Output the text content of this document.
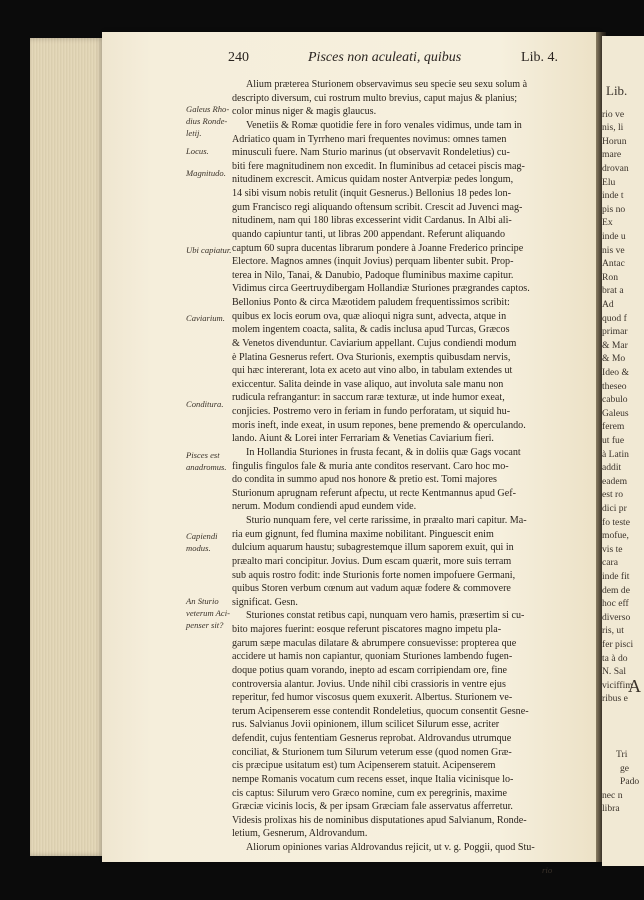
Lib.
rio ve
nis, li
Horun
mare
drovan
Elu
inde t
pis no
Ex
inde u
nis ve
Antac
Ron
brat a
Ad
quod f
primar
& Mar
& Mo
Ideo &
theseo
cabulo
Galeus
ferem
ut fue
à Latin
addit
eadem
est ro
dici pr
fo teste
mofue,
vis te
cara
inde fit
dem de
hoc eff
diverso
ris, ut
fer pisci
ta à do
N. Sal
viciffim
ribus e
A
Tri
ge
Pado
nec n
libra
240	Pisces non aculeati, quibus	Lib. 4.
Galeus Rho-
dius Ronde-
letij.
Locus.
Magnitudo.
Ubi capiatur.
Caviarium.
Conditura.
Pisces est
anadromus.
Capiendi
modus.
An Sturio
veterum Aci-
penser sit?
Alium præterea Sturionem observavimus seu specie seu sexu solum à
descripto diversum, cui rostrum multo brevius, caput majus & planius;
color minus niger & magis glaucus.
Venetiis & Romæ quotidie fere in foro venales vidimus, unde tam in
Adriatico quam in Tyrrheno mari frequentes novimus: omnes tamen
minusculi fuere. Nam Sturio marinus (ut observavit Rondeletius) cu-
biti fere magnitudinem non excedit. In fluminibus ad cetacei piscis mag-
nitudinem excrescit. Amicus quidam noster Antverpiæ pedes longum,
14 sibi visum nobis retulit (inquit Gesnerus.) Bellonius 18 pedes lon-
gum Francisco regi aliquando oftensum scribit. Crescit ad Juvenci mag-
nitudinem, nam qui 180 libras excesserint vidit Cardanus. In Albi ali-
quando capiuntur tanti, ut libras 200 appendant. Referunt aliquando
captum 60 supra ducentas librarum pondere à Joanne Frederico principe
Electore. Magnos amnes (inquit Jovius) perquam libenter subit. Prop-
terea in Nilo, Tanai, & Danubio, Padoque fluminibus maxime capitur.
Vidimus circa Geertruydibergam Hollandiæ Sturiones prægrandes captos.
Bellonius Ponto & circa Mæotidem paludem frequentissimos scribit:
quibus ex locis eorum ova, quæ alioqui nigra sunt, advecta, atque in
molem ingentem coacta, salita, & cadis inclusa apud Turcas, Græcos
& Venetos divenduntur. Caviarium appellant. Cujus condiendi modum
è Platina Gesnerus refert. Ova Sturionis, exemptis quibusdam nervis,
qui hæc intererant, lota ex aceto aut vino albo, in tabulam extendes ut
exiccentur. Salita deinde in vase aliquo, aut involuta sale manu non
rudicula refrangantur: in saccum raræ texturæ, ut inde humor exeat,
conjicies. Postremo vero in feriam in fundo perforatam, ut siquid hu-
moris ineft, inde exeat, in usum repones, bene premendo & operculando.
lando. Aiunt & Lorei inter Ferrariam & Venetias Caviarium fieri.
In Hollandia Sturiones in frusta fecant, & in doliis quæ Gags vocant
fingulis fingulos fale & muria ante conditos reservant. Caro hoc mo-
do condita in summo apud nos honore & pretio est. Tomi majores
Sturionum aprugnam referunt afpectu, ut recte Kentmannus apud Gef-
nerum. Modum condiendi apud eundem vide.
Sturio nunquam fere, vel certe rarissime, in præalto mari capitur. Ma-
ria eum gignunt, fed flumina maxime nobilitant. Pinguescit enim
dulcium aquarum haustu; subagrestemque illum saporem exuit, qui in
præalto mari concipitur. Jovius. Dum escam quærit, more suis terram
sub aquis rostro fodit: inde Sturionis forte nomen impofuere Germani,
quibus Storen verbum cœnum aut vadum aquæ fodere & commovere
significat. Gesn.
Sturiones constat retibus capi, nunquam vero hamis, præsertim si cu-
bito majores fuerint: eosque referunt piscatores magno impetu pla-
garum sæpe maculas dilatare & abrumpere consuevisse: propterea que
accidere ut hamis non capiantur, quoniam Sturiones lambendo fugen-
doque potius quam vorando, inepto ad escam corripiendam ore, fine
controversia alantur. Jovius. Unde nihil cibi crassioris in ventre ejus
reperitur, fed humor viscosus quem exuxerit. Albertus. Sturionem ve-
terum Acipenserem esse contendit Rondeletius, quocum consentit Gesne-
rus. Salvianus Jovii opinionem, illum scilicet Silurum esse, acriter
defendit, cujus fententiam Gesnerus reprobat. Aldrovandus utrumque
conciliat, & Sturionem tum Silurum veterum esse (quod nomen Græ-
cis præcipue usitatum est) tum Acipenserem statuit. Acipenserem
nempe Romanis vocatum cum recens esset, inque Italia vicinisque lo-
cis captus: Silurum vero Græco nomine, cum ex peregrinis, maxime
Græciæ vicinis locis, & per ipsam Græciam fale asservatus afferretur.
Videsis prolixas his de nominibus disputationes apud Salvianum, Ronde-
letium, Gesnerum, Aldrovandum.
Aliorum opiniones varias Aldrovandus rejicit, ut v. g. Poggii, quod Stu-
rio
